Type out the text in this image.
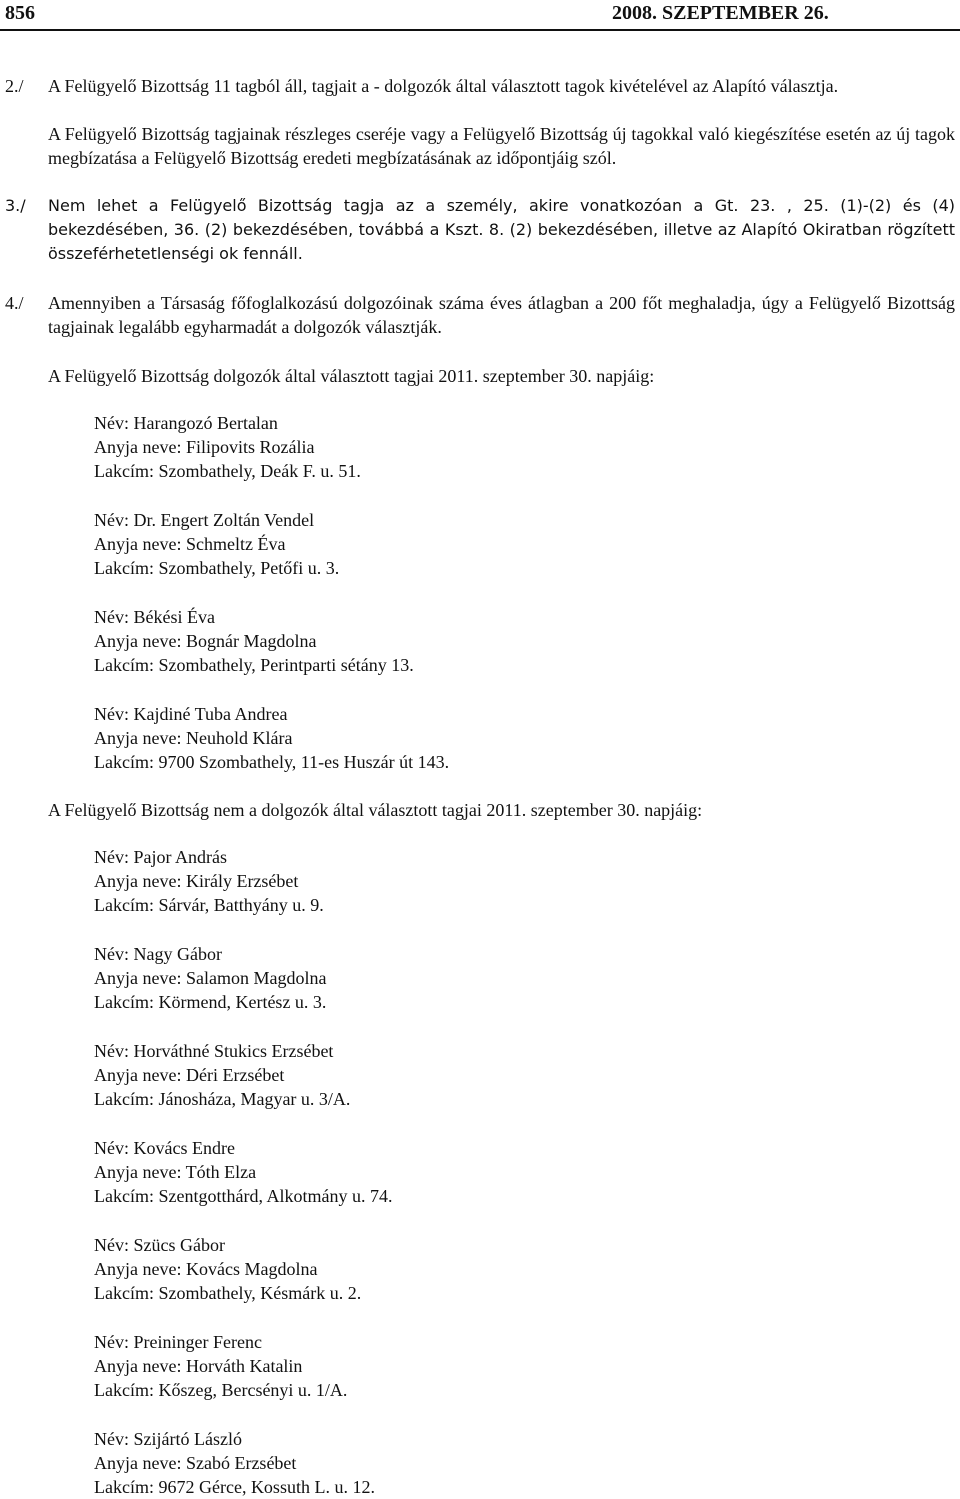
856	2008. SZEPTEMBER 26.
2./ A Felügyelő Bizottság 11 tagból áll, tagjait a - dolgozók által választott tagok kivételével az Alapító választja.

A Felügyelő Bizottság tagjainak részleges cseréje vagy a Felügyelő Bizottság új tagokkal való kiegészítése esetén az új tagok megbízatása a Felügyelő Bizottság eredeti megbízatásának az időpontjáig szól.

3./ Nem lehet a Felügyelő Bizottság tagja az a személy, akire vonatkozóan a Gt. 23. , 25. (1)-(2) és (4) bekezdésében, 36. (2) bekezdésében, továbbá a Kszt. 8. (2) bekezdésében, illetve az Alapító Okiratban rögzített összeférhetetlenségi ok fennáll.

4./ Amennyiben a Társaság főfoglalkozású dolgozóinak száma éves átlagban a 200 főt meghaladja, úgy a Felügyelő Bizottság tagjainak legalább egyharmadát a dolgozók választják.

A Felügyelő Bizottság dolgozók által választott tagjai 2011. szeptember 30. napjáig:
Név: Harangozó Bertalan
Anyja neve: Filipovits Rozália
Lakcím: Szombathely, Deák F. u. 51.
Név: Dr. Engert Zoltán Vendel
Anyja neve: Schmeltz Éva
Lakcím: Szombathely, Petőfi u. 3.
Név: Békési Éva
Anyja neve: Bognár Magdolna
Lakcím: Szombathely, Perintparti sétány 13.
Név: Kajdiné Tuba Andrea
Anyja neve: Neuhold Klára
Lakcím: 9700 Szombathely, 11-es Huszár út 143.
A Felügyelő Bizottság nem a dolgozók által választott tagjai 2011. szeptember 30. napjáig:
Név: Pajor András
Anyja neve: Király Erzsébet
Lakcím: Sárvár, Batthyány u. 9.
Név: Nagy Gábor
Anyja neve: Salamon Magdolna
Lakcím: Körmend, Kertész u. 3.
Név: Horváthné Stukics Erzsébet
Anyja neve: Déri Erzsébet
Lakcím: Jánosháza, Magyar u. 3/A.
Név: Kovács Endre
Anyja neve: Tóth Elza
Lakcím: Szentgotthárd, Alkotmány u. 74.
Név: Szücs Gábor
Anyja neve: Kovács Magdolna
Lakcím: Szombathely, Késmárk u. 2.
Név: Preininger Ferenc
Anyja neve: Horváth Katalin
Lakcím: Kőszeg, Bercsényi u. 1/A.
Név: Szijártó László
Anyja neve: Szabó Erzsébet
Lakcím: 9672 Gérce, Kossuth L. u. 12.
